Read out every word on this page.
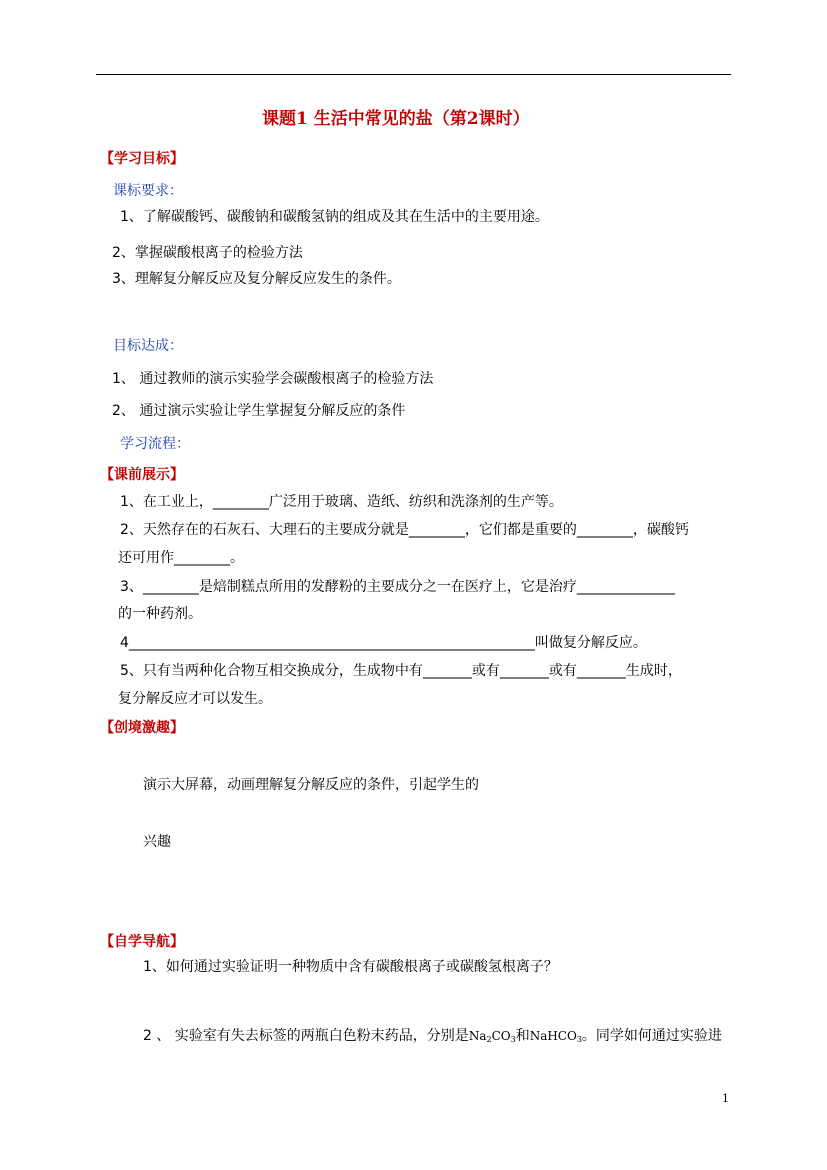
课题1 生活中常见的盐（第2课时）
【学习目标】
课标要求：
1、了解碳酸钙、碳酸钠和碳酸氢钠的组成及其在生活中的主要用途。
2、掌握碳酸根离子的检验方法
3、理解复分解反应及复分解反应发生的条件。
目标达成：
1、 通过教师的演示实验学会碳酸根离子的检验方法
2、 通过演示实验让学生掌握复分解反应的条件
学习流程：
【课前展示】
1、在工业上，________广泛用于玻璃、造纸、纺织和洗涤剂的生产等。
2、天然存在的石灰石、大理石的主要成分就是________，它们都是重要的________，碳酸钙
还可用作________。
3、________是焙制糕点所用的发酵粉的主要成分之一在医疗上，它是治疗______________
的一种药剂。
4__________________________________________________________叫做复分解反应。
5、只有当两种化合物互相交换成分，生成物中有_______或有_______或有_______生成时，
复分解反应才可以发生。
【创境激趣】
演示大屏幕，动画理解复分解反应的条件，引起学生的
兴趣
【自学导航】
1、如何通过实验证明一种物质中含有碳酸根离子或碳酸氢根离子？
2 、 实验室有失去标签的两瓶白色粉末药品，分别是$Na_2CO_3$和NaHCO$_3$。同学如何通过实验进
1
